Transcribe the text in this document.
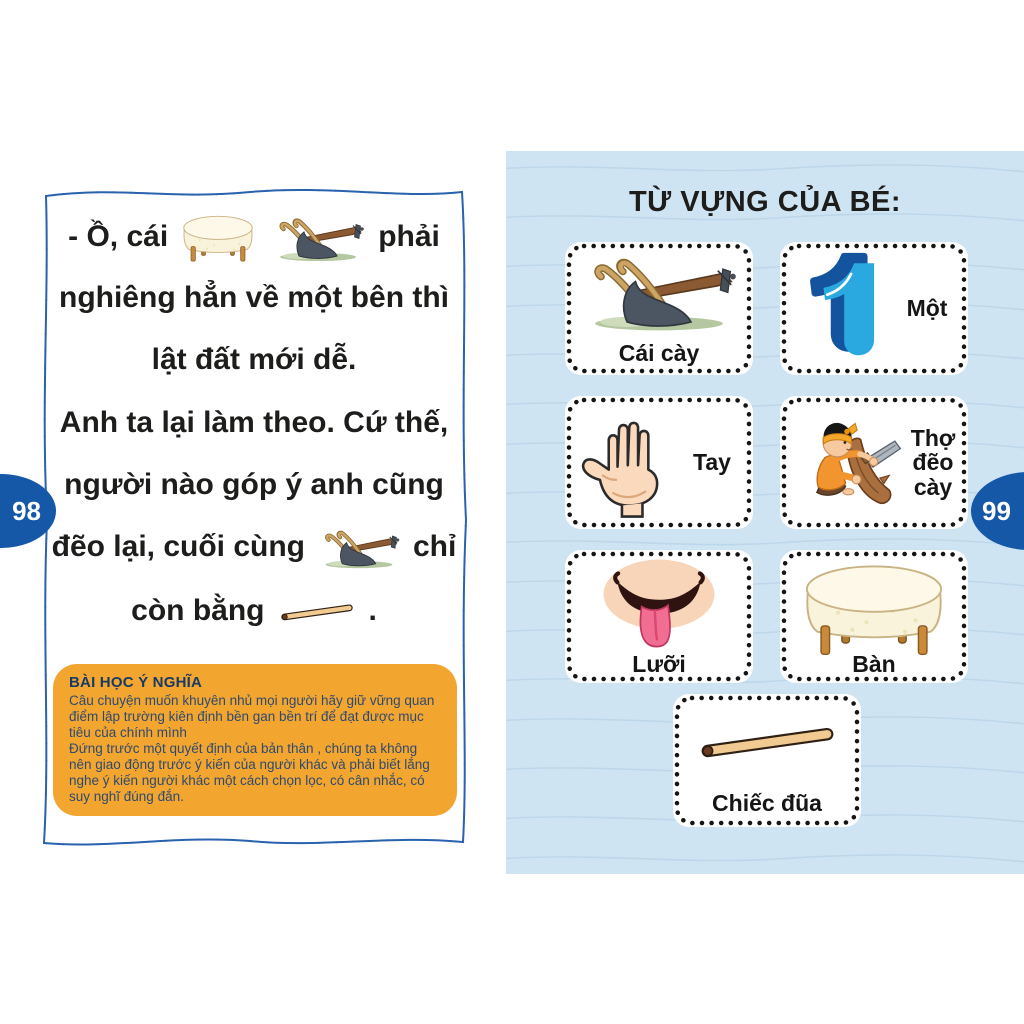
TỪ VỰNG CỦA BÉ:
Cái cày
Một
Tay
Thợ đẽo cày
Lưỡi	Bàn
Chiếc đũa
- Ồ, cái	phải
nghiêng hẳn về một bên thì
lật đất mới dễ.
Anh ta lại làm theo. Cứ thế,
người nào góp ý anh cũng
đẽo lại, cuối cùng	chỉ
còn bằng	.
BÀI HỌC Ý NGHĨA
Câu chuyện muốn khuyên nhủ mọi người hãy giữ vững quan điểm lập trường kiên định bền gan bền trí để đạt được mục tiêu của chính mình
Đứng trước một quyết định của bản thân , chúng ta không nên giao động trước ý kiến của người khác và phải biết lắng nghe ý kiến người khác một cách chọn lọc, có cân nhắc, có suy nghĩ đúng đắn.
98	99
